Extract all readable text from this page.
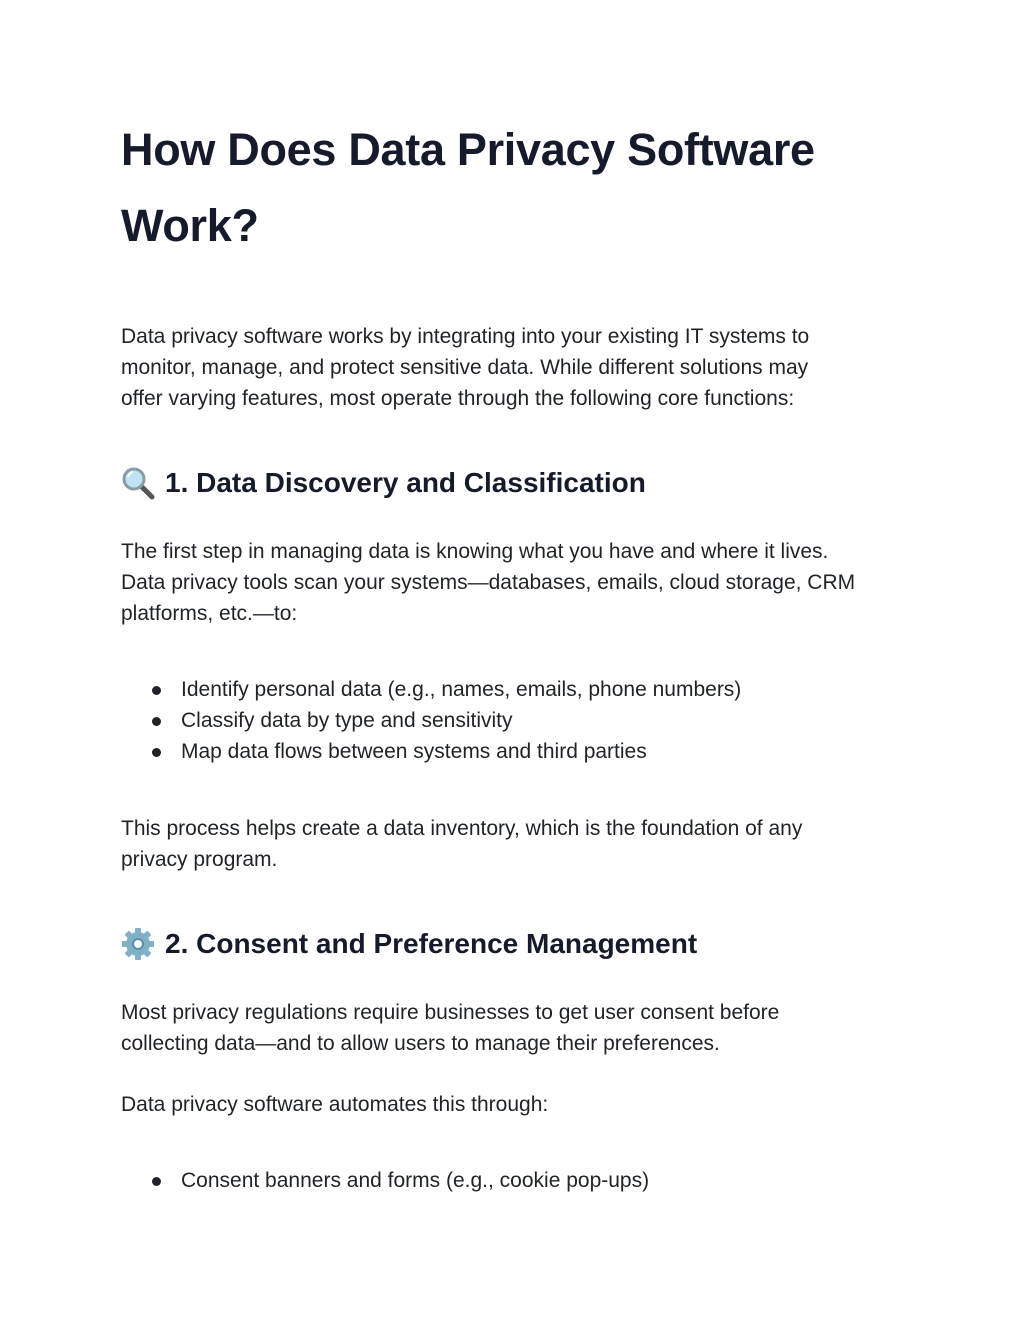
How Does Data Privacy Software
Work?
Data privacy software works by integrating into your existing IT systems to
monitor, manage, and protect sensitive data. While different solutions may
offer varying features, most operate through the following core functions:
1. Data Discovery and Classification
The first step in managing data is knowing what you have and where it lives.
Data privacy tools scan your systems—databases, emails, cloud storage, CRM
platforms, etc.—to:
Identify personal data (e.g., names, emails, phone numbers)
Classify data by type and sensitivity
Map data flows between systems and third parties
This process helps create a data inventory, which is the foundation of any
privacy program.
2. Consent and Preference Management
Most privacy regulations require businesses to get user consent before
collecting data—and to allow users to manage their preferences.
Data privacy software automates this through:
Consent banners and forms (e.g., cookie pop-ups)
